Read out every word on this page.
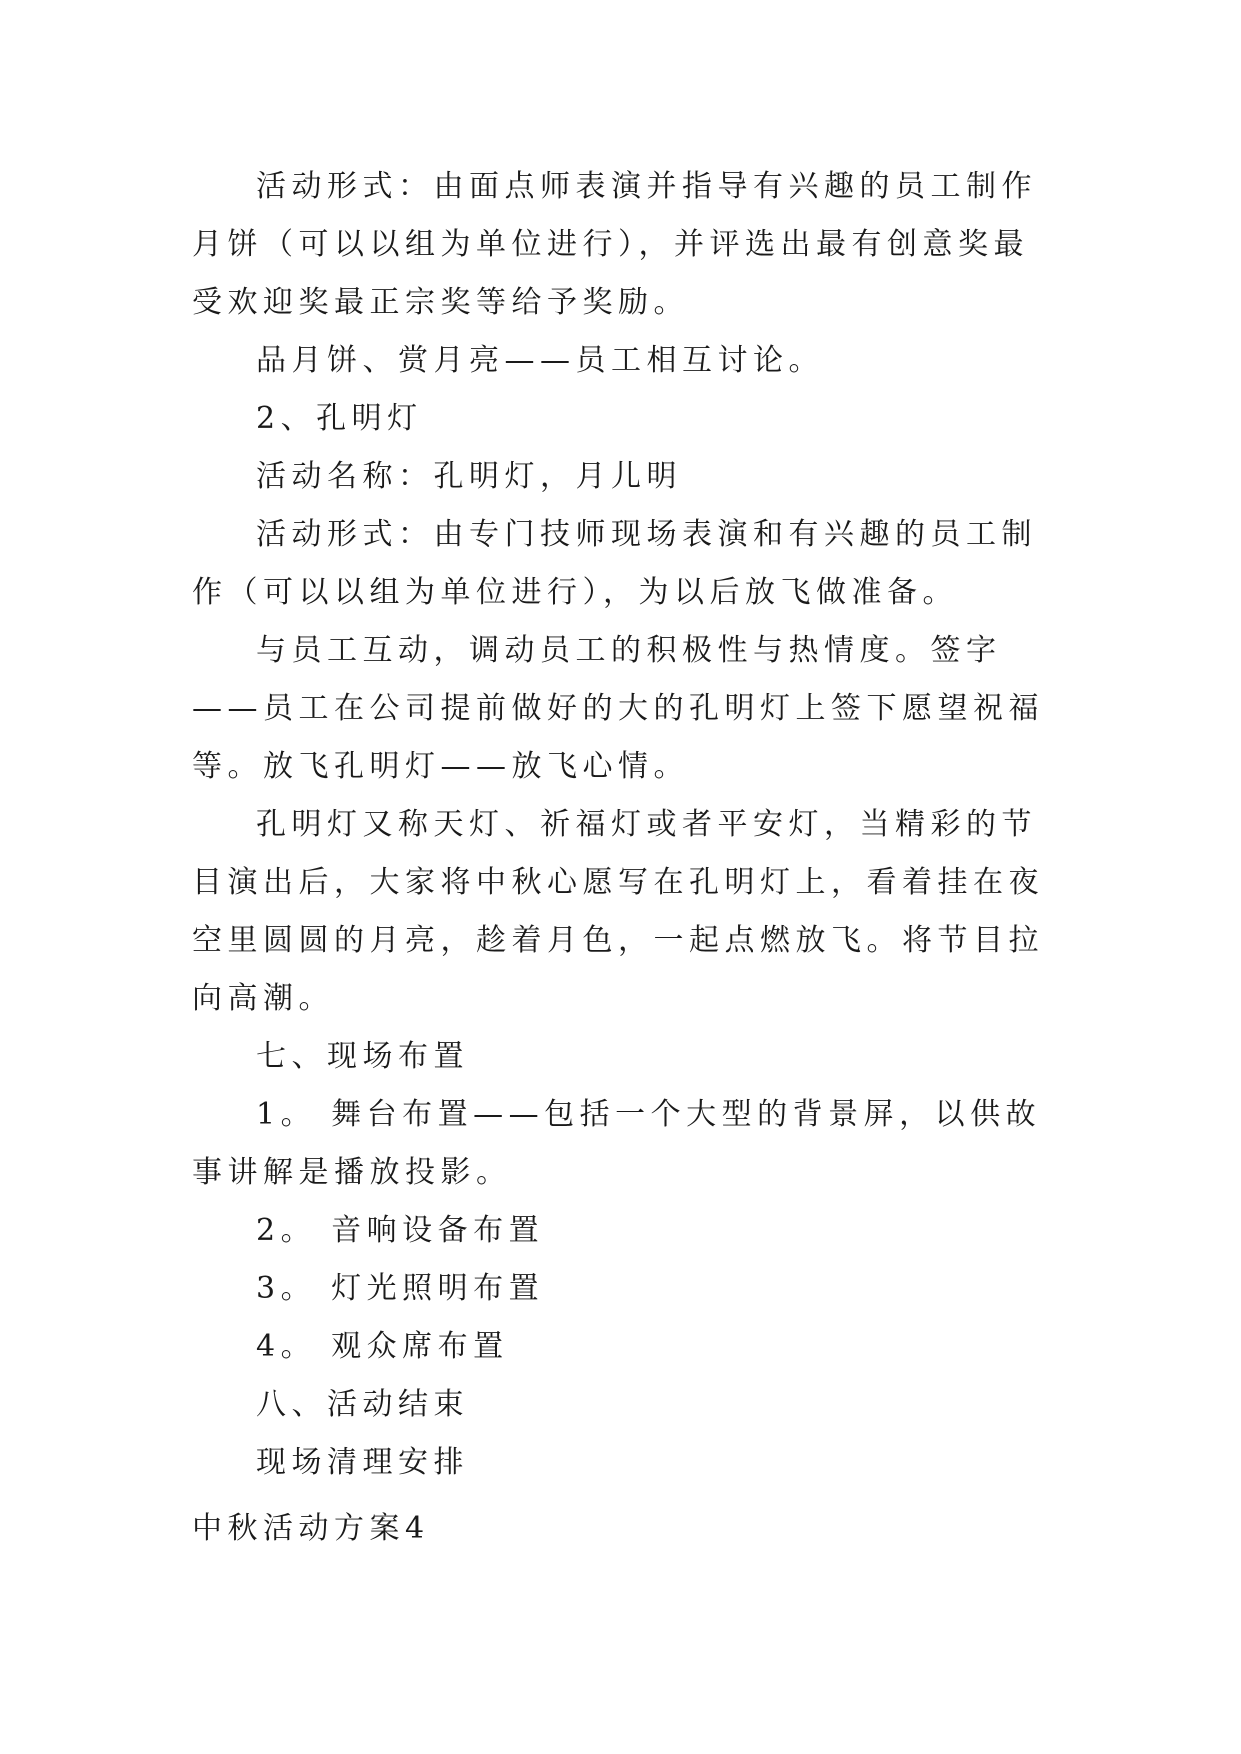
活动形式：由面点师表演并指导有兴趣的员工制作月饼（可以以组为单位进行），并评选出最有创意奖最受欢迎奖最正宗奖等给予奖励。

品月饼、赏月亮——员工相互讨论。

2、孔明灯

活动名称：孔明灯，月儿明

活动形式：由专门技师现场表演和有兴趣的员工制作（可以以组为单位进行），为以后放飞做准备。

与员工互动，调动员工的积极性与热情度。签字——员工在公司提前做好的大的孔明灯上签下愿望祝福等。放飞孔明灯——放飞心情。

孔明灯又称天灯、祈福灯或者平安灯，当精彩的节目演出后，大家将中秋心愿写在孔明灯上，看着挂在夜空里圆圆的月亮，趁着月色，一起点燃放飞。将节目拉向高潮。

七、现场布置

1。 舞台布置——包括一个大型的背景屏，以供故事讲解是播放投影。

2。 音响设备布置

3。 灯光照明布置

4。 观众席布置

八、活动结束

现场清理安排

中秋活动方案4
